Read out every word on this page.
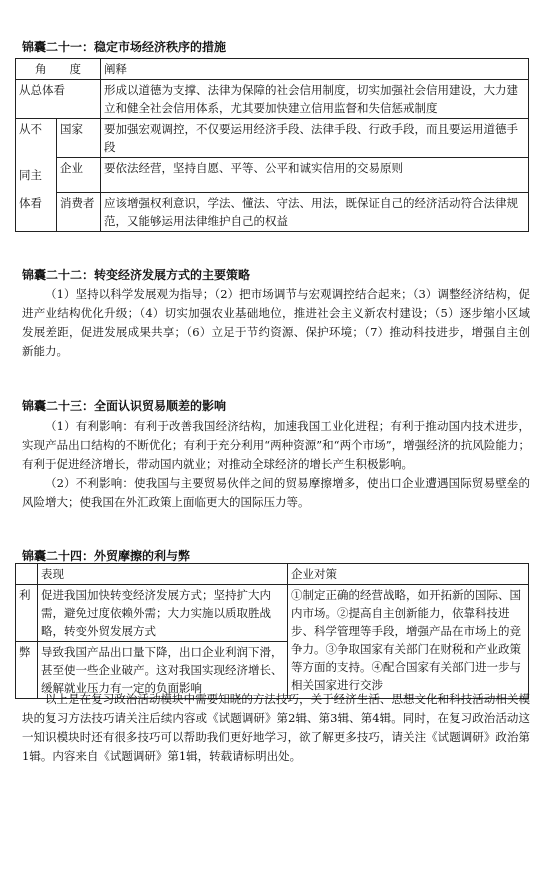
锦囊二十一：稳定市场经济秩序的措施
角　　度		阐释
从总体看		形成以道德为支撑、法律为保障的社会信用制度，切实加强社会信用建设，大力建立和健全社会信用体系，尤其要加快建立信用监督和失信惩戒制度
从不	国家	要加强宏观调控，不仅要运用经济手段、法律手段、行政手段，而且要运用道德手段
同主	企业	要依法经营，坚持自愿、平等、公平和诚实信用的交易原则
体看	消费者	应该增强权利意识，学法、懂法、守法、用法，既保证自己的经济活动符合法律规范，又能够运用法律维护自己的权益
锦囊二十二：转变经济发展方式的主要策略

（1）坚持以科学发展观为指导；（2）把市场调节与宏观调控结合起来；（3）调整经济结构，促进产业结构优化升级；（4）切实加强农业基础地位，推进社会主义新农村建设；（5）逐步缩小区域发展差距，促进发展成果共享；（6）立足于节约资源、保护环境；（7）推动科技进步，增强自主创新能力。

锦囊二十三：全面认识贸易顺差的影响

（1）有利影响：有利于改善我国经济结构，加速我国工业化进程；有利于推动国内技术进步，实现产品出口结构的不断优化；有利于充分利用“两种资源”和“两个市场”，增强经济的抗风险能力；有利于促进经济增长，带动国内就业；对推动全球经济的增长产生积极影响。

（2）不利影响：使我国与主要贸易伙伴之间的贸易摩擦增多，使出口企业遭遇国际贸易壁垒的风险增大；使我国在外汇政策上面临更大的国际压力等。

锦囊二十四：外贸摩擦的利与弊
	表现	企业对策
利	促进我国加快转变经济发展方式；坚持扩大内需，避免过度依赖外需；大力实施以质取胜战略，转变外贸发展方式	①制定正确的经营战略，如开拓新的国际、国内市场。②提高自主创新能力，依靠科技进步、科学管理等手段，增强产品在市场上的竞争力。③争取国家有关部门在财税和产业政策等方面的支持。④配合国家有关部门进一步与相关国家进行交涉
弊	导致我国产品出口量下降，出口企业利润下滑，甚至使一些企业破产。这对我国实现经济增长、缓解就业压力有一定的负面影响	

以上是在复习政治活动模块中需要知晓的方法技巧，关于经济生活、思想文化和科技活动相关模块的复习方法技巧请关注后续内容或《试题调研》第2辑、第3辑、第4辑。同时，在复习政治活动这一知识模块时还有很多技巧可以帮助我们更好地学习，欲了解更多技巧，请关注《试题调研》政治第1辑。内容来自《试题调研》第1辑，转载请标明出处。
